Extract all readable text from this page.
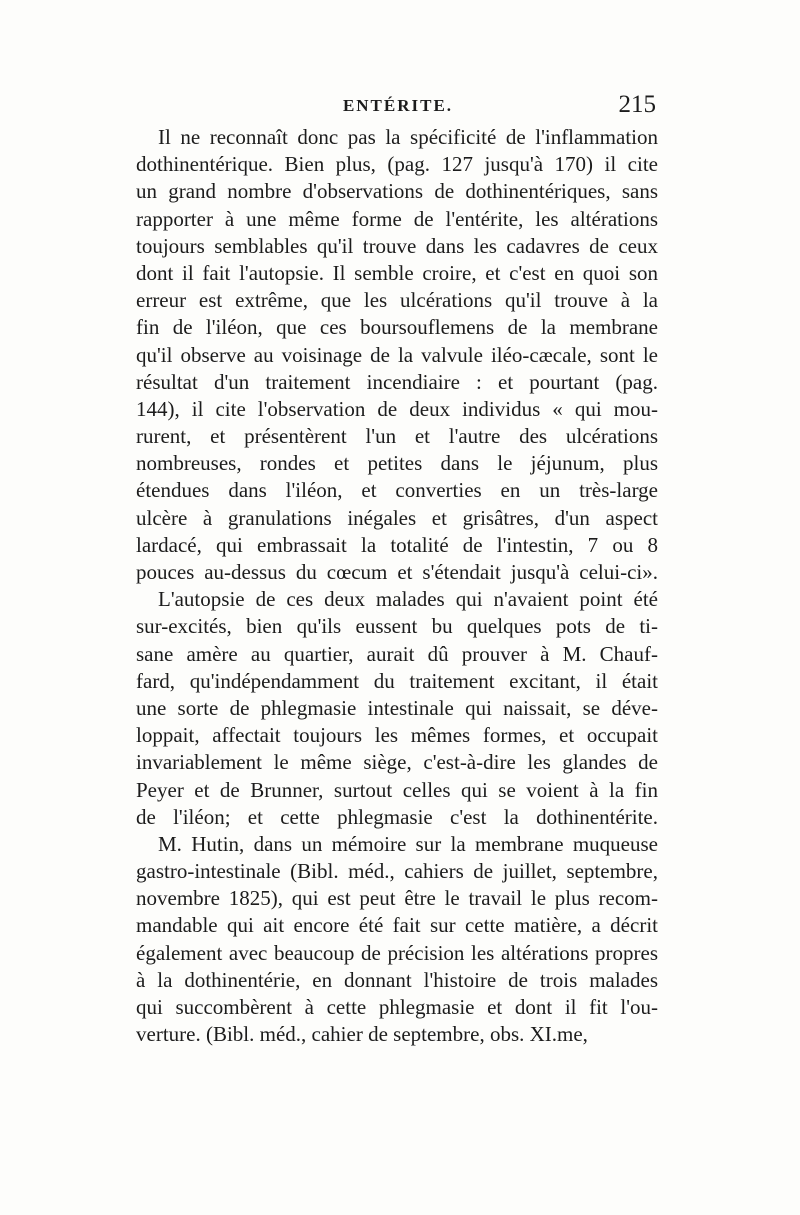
ENTÉRITE.	215
Il ne reconnaît donc pas la spécificité de l'inflammation
dothinentérique. Bien plus, (pag. 127 jusqu'à 170) il cite
un grand nombre d'observations de dothinentériques, sans
rapporter à une même forme de l'entérite, les altérations
toujours semblables qu'il trouve dans les cadavres de ceux
dont il fait l'autopsie. Il semble croire, et c'est en quoi son
erreur est extrême, que les ulcérations qu'il trouve à la
fin de l'iléon, que ces boursouflemens de la membrane
qu'il observe au voisinage de la valvule iléo-cæcale, sont le
résultat d'un traitement incendiaire : et pourtant (pag.
144), il cite l'observation de deux individus « qui mou-
rurent, et présentèrent l'un et l'autre des ulcérations
nombreuses, rondes et petites dans le jéjunum, plus
étendues dans l'iléon, et converties en un très-large
ulcère à granulations inégales et grisâtres, d'un aspect
lardacé, qui embrassait la totalité de l'intestin, 7 ou 8
pouces au-dessus du cœcum et s'étendait jusqu'à celui-ci».
L'autopsie de ces deux malades qui n'avaient point été
sur-excités, bien qu'ils eussent bu quelques pots de ti-
sane amère au quartier, aurait dû prouver à M. Chauf-
fard, qu'indépendamment du traitement excitant, il était
une sorte de phlegmasie intestinale qui naissait, se déve-
loppait, affectait toujours les mêmes formes, et occupait
invariablement le même siège, c'est-à-dire les glandes de
Peyer et de Brunner, surtout celles qui se voient à la fin
de l'iléon; et cette phlegmasie c'est la dothinentérite.
M. Hutin, dans un mémoire sur la membrane muqueuse
gastro-intestinale (Bibl. méd., cahiers de juillet, septembre,
novembre 1825), qui est peut être le travail le plus recom-
mandable qui ait encore été fait sur cette matière, a décrit
également avec beaucoup de précision les altérations propres
à la dothinentérie, en donnant l'histoire de trois malades
qui succombèrent à cette phlegmasie et dont il fit l'ou-
verture. (Bibl. méd., cahier de septembre, obs. XI.me,
